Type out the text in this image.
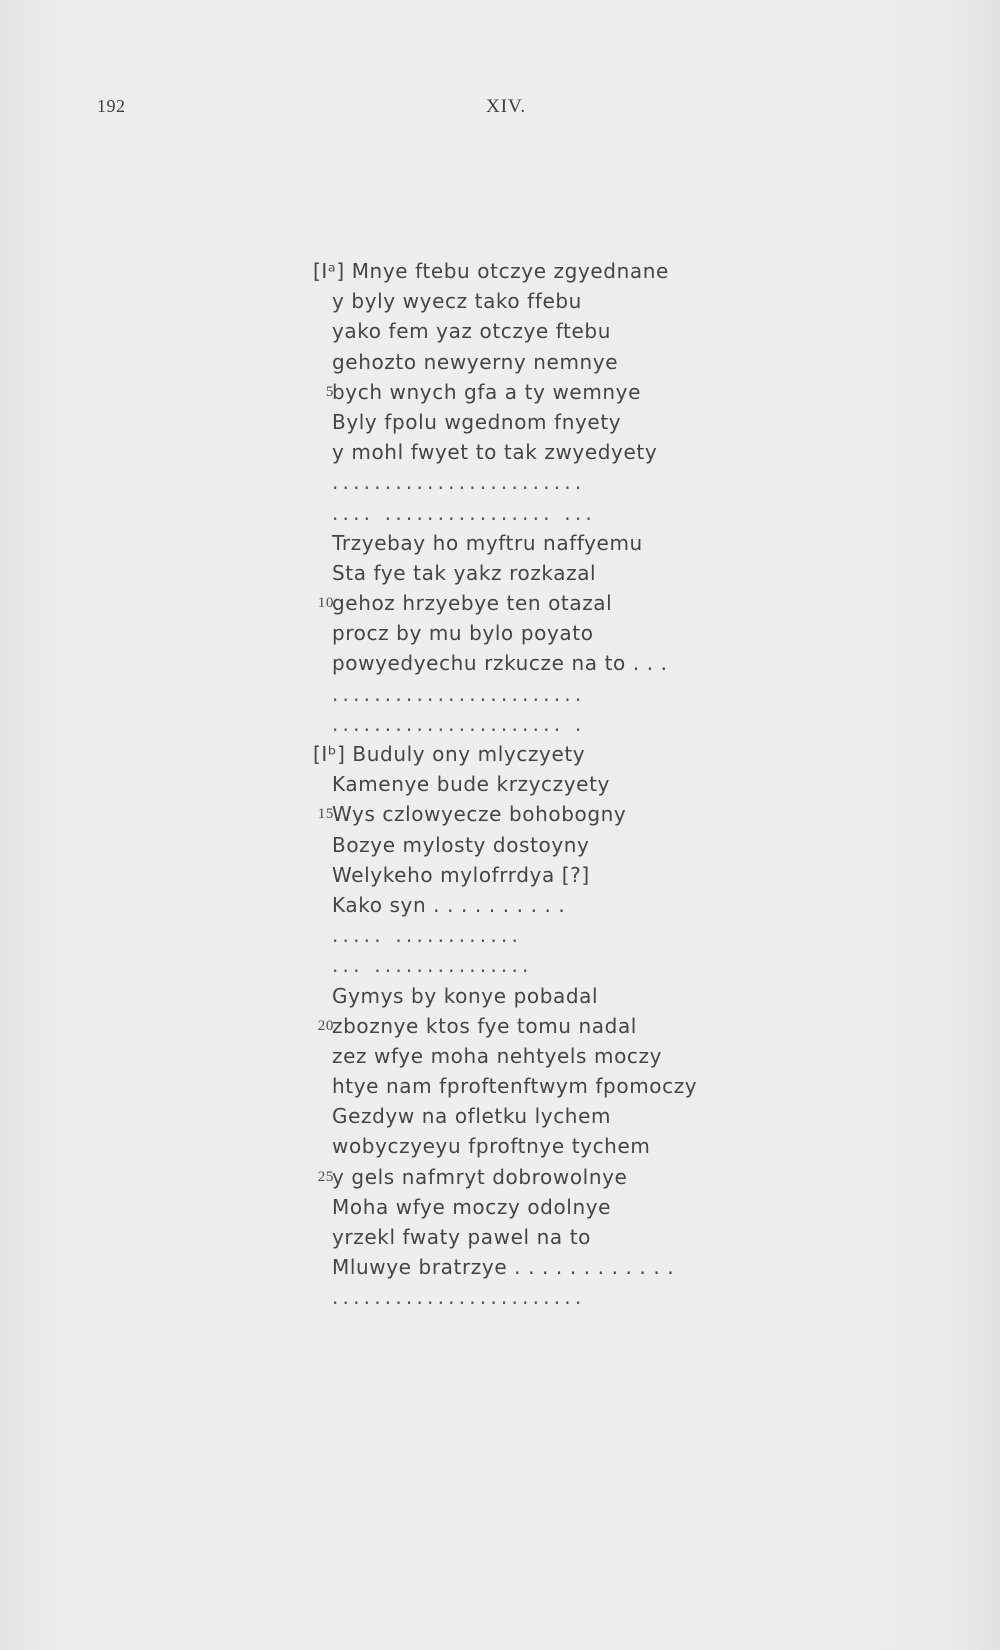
192	XIV.
[Iᵃ] Mnye ftebu otczye zgyednane
y byly wyecz tako ffebu
yako fem yaz otczye ftebu
gehozto newyerny nemnye
5
bych wnych gfa a ty wemnye
Byly fpolu wgednom fnyety
y mohl fwyet to tak zwyedyety
........................
.... ................ ...
Trzyebay ho myftru naffyemu
Sta fye tak yakz rozkazal
10
gehoz hrzyebye ten otazal
procz by mu bylo poyato
powyedyechu rzkucze na to . . .
........................
...................... .
[Iᵇ] Buduly ony mlyczyety
Kamenye bude krzyczyety
15
Wys czlowyecze bohobogny
Bozye mylosty dostoyny
Welykeho mylofrrdya [?]
Kako syn . . . . . . . . . .
..... ............
... ...............
Gymys by konye pobadal
20
zboznye ktos fye tomu nadal
zez wfye moha nehtyels moczy
htye nam fproftenftwym fpomoczy
Gezdyw na ofletku lychem
wobyczyeyu fproftnye tychem
25
y gels nafmryt dobrowolnye
Moha wfye moczy odolnye
yrzekl fwaty pawel na to
Mluwye bratrzye . . . . . . . . . . . .
........................
